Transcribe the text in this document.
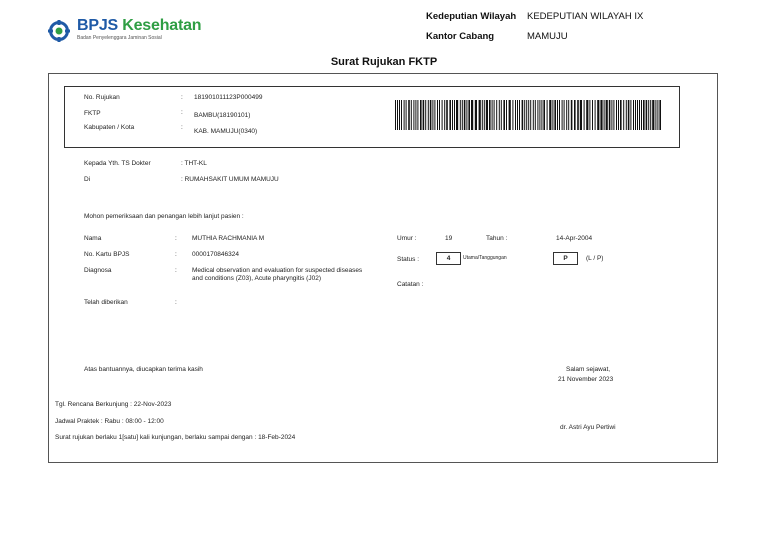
BPJS Kesehatan
Badan Penyelenggara Jaminan Sosial
Kedeputian Wilayah KEDEPUTIAN WILAYAH IX
Kantor Cabang	MAMUJU
Surat Rujukan FKTP
No. Rujukan	: 181901011123P000499
FKTP	: BAMBU(18190101)
Kabupaten / Kota	:
KAB. MAMUJU(0340)
Kepada Yth. TS Dokter	: THT-KL
Di	: RUMAHSAKIT UMUM MAMUJU
Mohon pemeriksaan dan penangan lebih lanjut pasien :
Nama	: MUTHIA RACHMANIA M
No. Kartu BPJS	: 0000170846324
Diagnosa	: Medical observation and evaluation for suspected diseases and conditions (Z03), Acute pharyngitis (J02)
Telah diberikan	:
Umur :	19	Tahun :	14-Apr-2004
Status :	4	Utama/Tanggungan	P	(L / P)
Catatan :
Atas bantuannya, diucapkan terima kasih	Salam sejawat,
21 November 2023
Tgl. Rencana Berkunjung : 22-Nov-2023
Jadwal Praktek : Rabu : 08:00 - 12:00
dr. Astri Ayu Pertiwi
Surat rujukan berlaku 1[satu] kali kunjungan, berlaku sampai dengan : 18-Feb-2024
